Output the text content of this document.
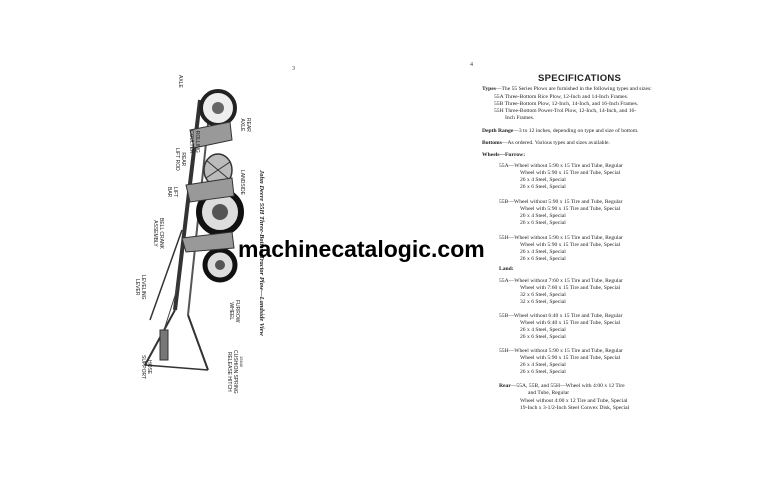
3
AXLE
REAR
AXLE
LANDSIDE
ROLLING
COULTER
REAR
LIFT ROD
LIFT
BAR
BELL CRANK
ASSEMBLY
LEVELING
LEVER
HOSE
SUPPORT
FURROW
WHEEL
CUSHION SPRING
RELEASE HITCH
John Deere 55H Three-Bottom Tractor Plow—Landside View
15640
machinecatalogic.com
4
SPECIFICATIONS
Types—The 55 Series Plows are furnished in the following types and sizes:
55A Three-Bottom Rice Plow, 12-Inch and 14-Inch Frames.
55B Three-Bottom Plow, 12-Inch, 14-Inch, and 16-Inch Frames.
55H Three-Bottom Power-Trol Plow, 12-Inch, 14-Inch, and 16-
Inch Frames.
Depth Range—3 to 12 inches, depending on type and size of bottom.
Bottoms—As ordered. Various types and sizes available.
Wheels—Furrow:
55A—Wheel without 5:90 x 15 Tire and Tube, Regular
Wheel with 5:90 x 15 Tire and Tube, Special
26 x 4 Steel, Special
26 x 6 Steel, Special
55B—Wheel without 5:90 x 15 Tire and Tube, Regular
Wheel with 5:90 x 15 Tire and Tube, Special
26 x 4 Steel, Special
26 x 6 Steel, Special
55H—Wheel without 5:90 x 15 Tire and Tube, Regular
Wheel with 5:90 x 15 Tire and Tube, Special
26 x 4 Steel, Special
26 x 6 Steel, Special
Land:
55A—Wheel without 7:60 x 15 Tire and Tube, Regular
Wheel with 7:60 x 15 Tire and Tube, Special
32 x 6 Steel, Special
32 x 6 Steel, Special
55B—Wheel without 6:40 x 15 Tire and Tube, Regular
Wheel with 6:40 x 15 Tire and Tube, Special
26 x 4 Steel, Special
26 x 6 Steel, Special
55H—Wheel without 5:90 x 15 Tire and Tube, Regular
Wheel with 5:90 x 15 Tire and Tube, Special
26 x 4 Steel, Special
26 x 6 Steel, Special
Rear—55A, 55B, and 55H—Wheel with 4:00 x 12 Tire
and Tube, Regular
Wheel without 4:00 x 12 Tire and Tube, Special
19-Inch x 3-1/2-Inch Steel Convex Disk, Special
